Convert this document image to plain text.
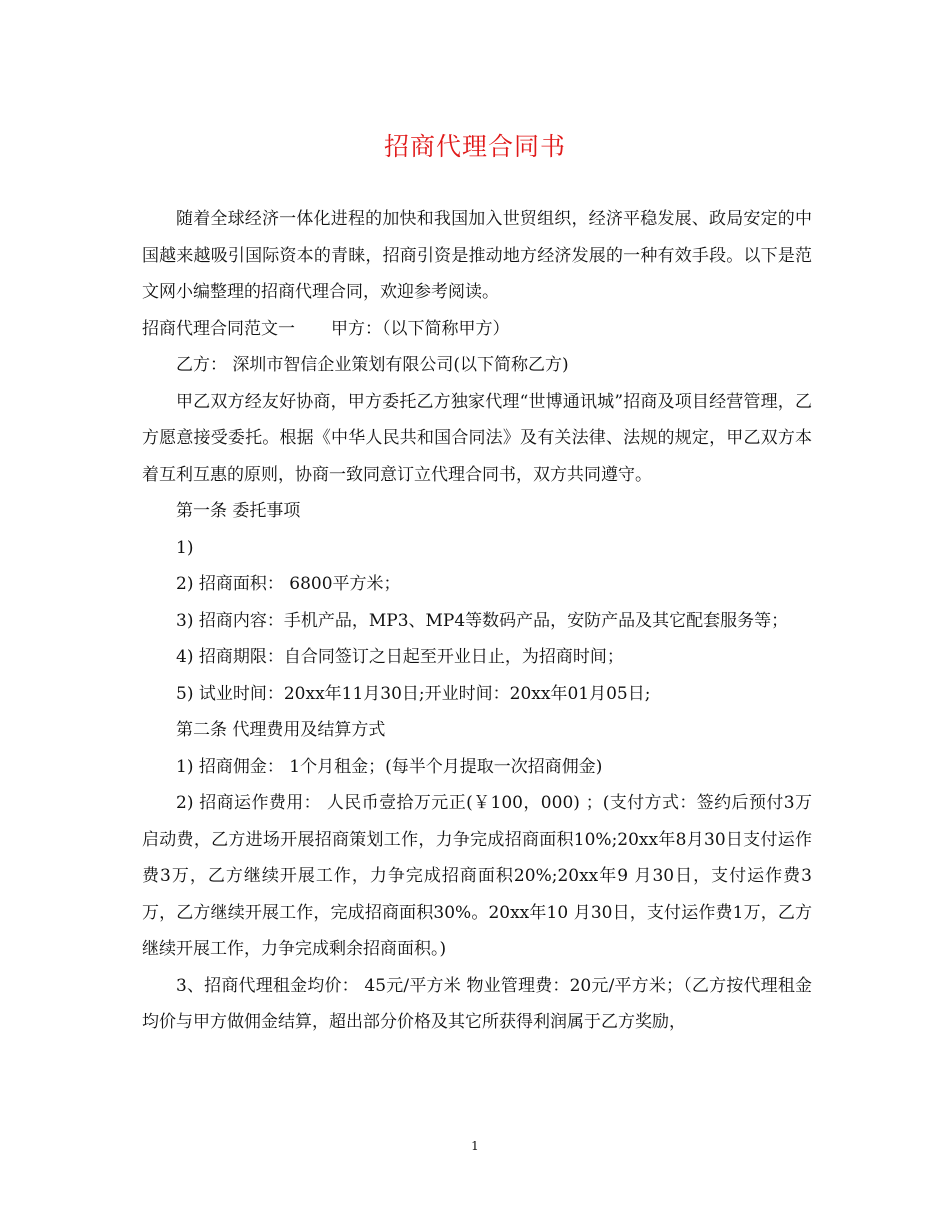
招商代理合同书

随着全球经济一体化进程的加快和我国加入世贸组织，经济平稳发展、政局安定的中国越来越吸引国际资本的青睐，招商引资是推动地方经济发展的一种有效手段。以下是范文网小编整理的招商代理合同，欢迎参考阅读。

招商代理合同范文一 甲方：（以下简称甲方）

乙方： 深圳市智信企业策划有限公司(以下简称乙方)

甲乙双方经友好协商，甲方委托乙方独家代理“世博通讯城”招商及项目经营管理，乙方愿意接受委托。根据《中华人民共和国合同法》及有关法律、法规的规定，甲乙双方本着互利互惠的原则，协商一致同意订立代理合同书，双方共同遵守。

第一条 委托事项

1)

2) 招商面积： 6800平方米；

3) 招商内容：手机产品，MP3、MP4等数码产品，安防产品及其它配套服务等；

4) 招商期限：自合同签订之日起至开业日止，为招商时间；

5) 试业时间：20xx年11月30日;开业时间：20xx年01月05日;

第二条 代理费用及结算方式

1) 招商佣金： 1个月租金；(每半个月提取一次招商佣金)

2) 招商运作费用： 人民币壹拾万元正(￥100，000) ；(支付方式：签约后预付3万启动费，乙方进场开展招商策划工作，力争完成招商面积10%;20xx年8月30日支付运作费3万，乙方继续开展工作，力争完成招商面积20%;20xx年9 月30日，支付运作费3万，乙方继续开展工作，完成招商面积30%。20xx年10 月30日，支付运作费1万，乙方继续开展工作，力争完成剩余招商面积。)

3、招商代理租金均价： 45元/平方米 物业管理费：20元/平方米；（乙方按代理租金均价与甲方做佣金结算，超出部分价格及其它所获得利润属于乙方奖励，

1
